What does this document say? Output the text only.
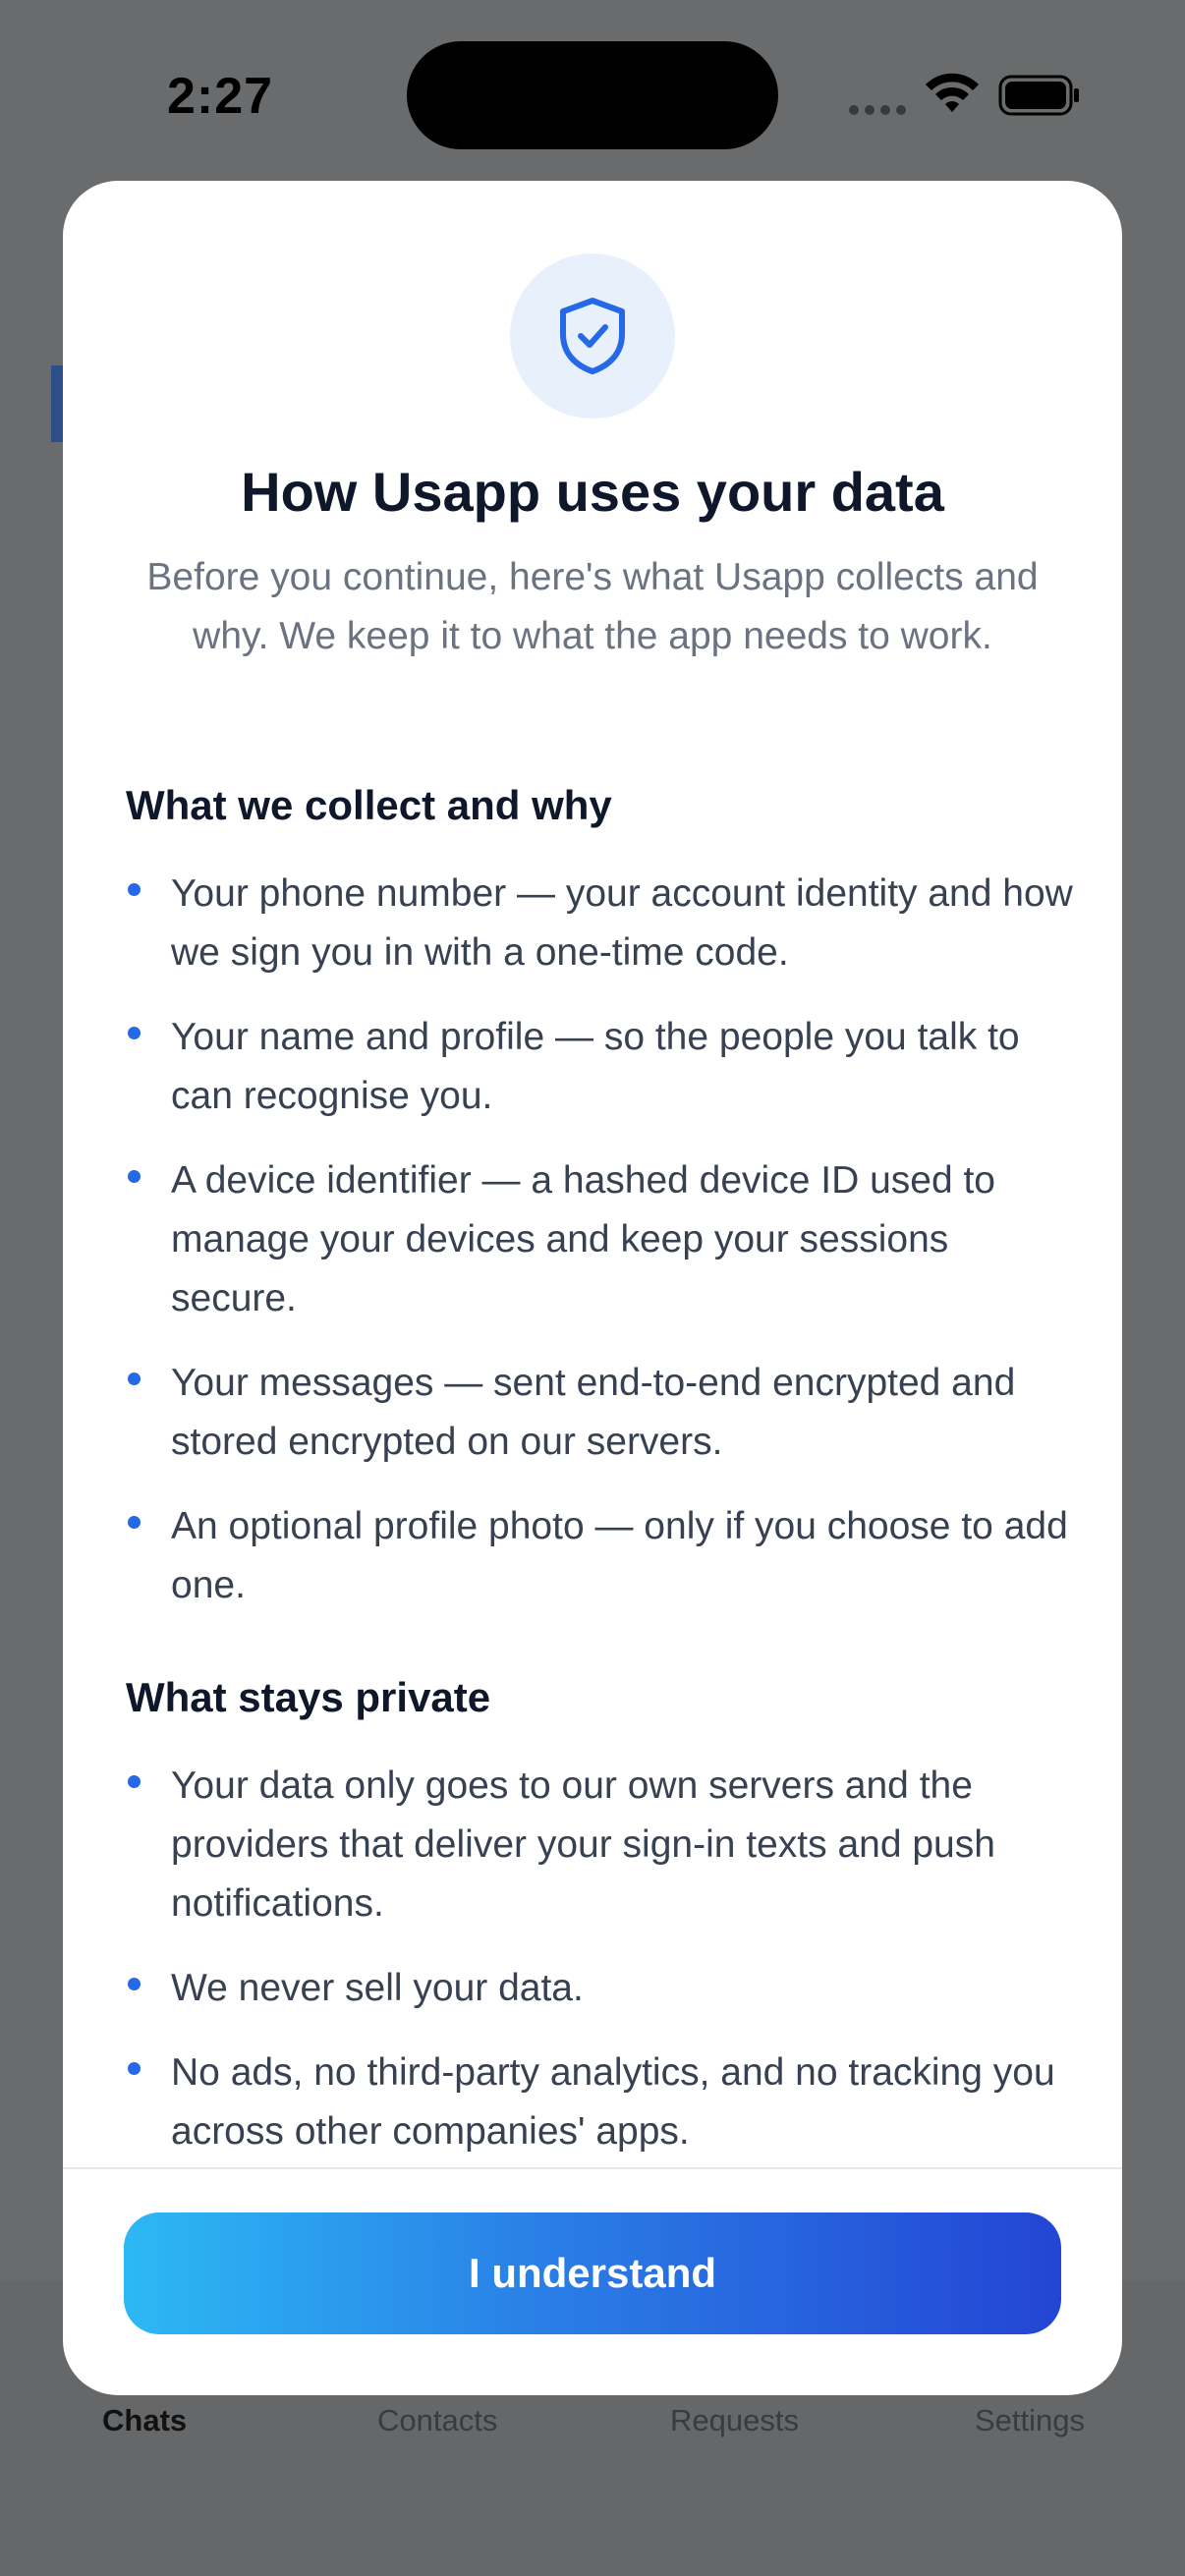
Chats	Contacts	Requests	Settings
2:27
How Usapp uses your data
Before you continue, here's what Usapp collects and why. We keep it to what the app needs to work.
What we collect and why
Your phone number — your account identity and how we sign you in with a one-time code.
Your name and profile — so the people you talk to can recognise you.
A device identifier — a hashed device ID used to manage your devices and keep your sessions secure.
Your messages — sent end-to-end encrypted and stored encrypted on our servers.
An optional profile photo — only if you choose to add one.
What stays private
Your data only goes to our own servers and the providers that deliver your sign-in texts and push notifications.
We never sell your data.
No ads, no third-party analytics, and no tracking you across other companies' apps.
I understand
